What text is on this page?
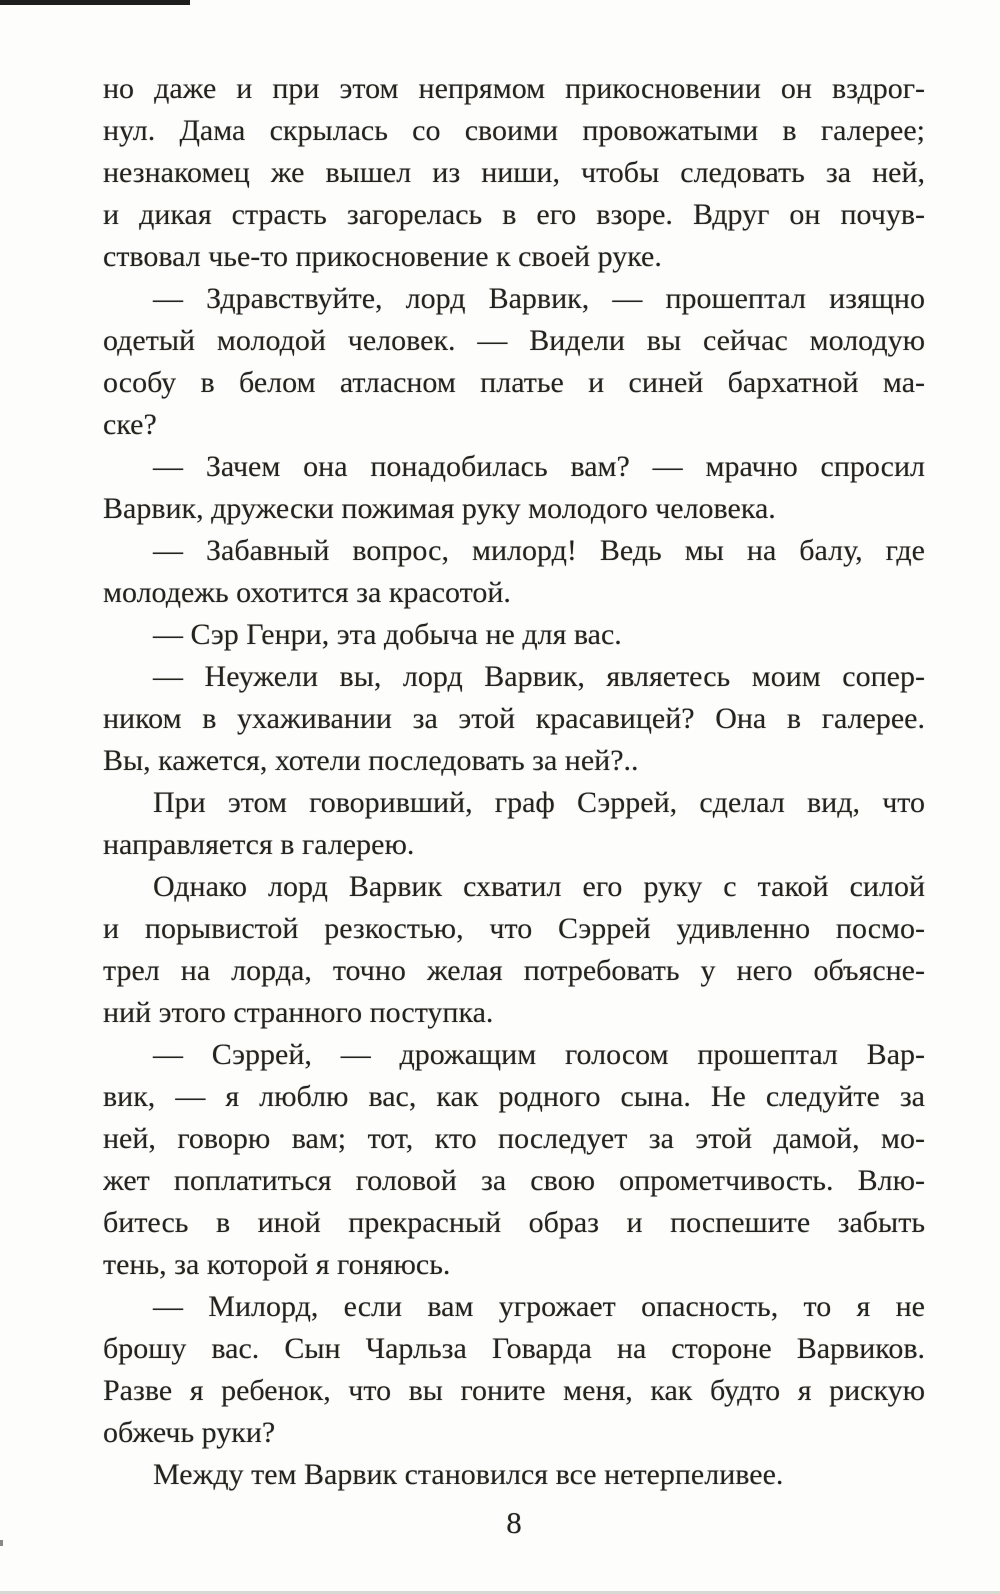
но даже и при этом непрямом прикосновении он вздрог-
нул. Дама скрылась со своими провожатыми в галерее;
незнакомец же вышел из ниши, чтобы следовать за ней,
и дикая страсть загорелась в его взоре. Вдруг он почув-
ствовал чье-то прикосновение к своей руке.
— Здравствуйте, лорд Варвик, — прошептал изящно
одетый молодой человек. — Видели вы сейчас молодую
особу в белом атласном платье и синей бархатной ма-
ске?
— Зачем она понадобилась вам? — мрачно спросил
Варвик, дружески пожимая руку молодого человека.
— Забавный вопрос, милорд! Ведь мы на балу, где
молодежь охотится за красотой.
— Сэр Генри, эта добыча не для вас.
— Неужели вы, лорд Варвик, являетесь моим сопер-
ником в ухаживании за этой красавицей? Она в галерее.
Вы, кажется, хотели последовать за ней?..
При этом говоривший, граф Сэррей, сделал вид, что
направляется в галерею.
Однако лорд Варвик схватил его руку с такой силой
и порывистой резкостью, что Сэррей удивленно посмо-
трел на лорда, точно желая потребовать у него объясне-
ний этого странного поступка.
— Сэррей, — дрожащим голосом прошептал Вар-
вик, — я люблю вас, как родного сына. Не следуйте за
ней, говорю вам; тот, кто последует за этой дамой, мо-
жет поплатиться головой за свою опрометчивость. Влю-
битесь в иной прекрасный образ и поспешите забыть
тень, за которой я гоняюсь.
— Милорд, если вам угрожает опасность, то я не
брошу вас. Сын Чарльза Говарда на стороне Варвиков.
Разве я ребенок, что вы гоните меня, как будто я рискую
обжечь руки?
Между тем Варвик становился все нетерпеливее.
8
